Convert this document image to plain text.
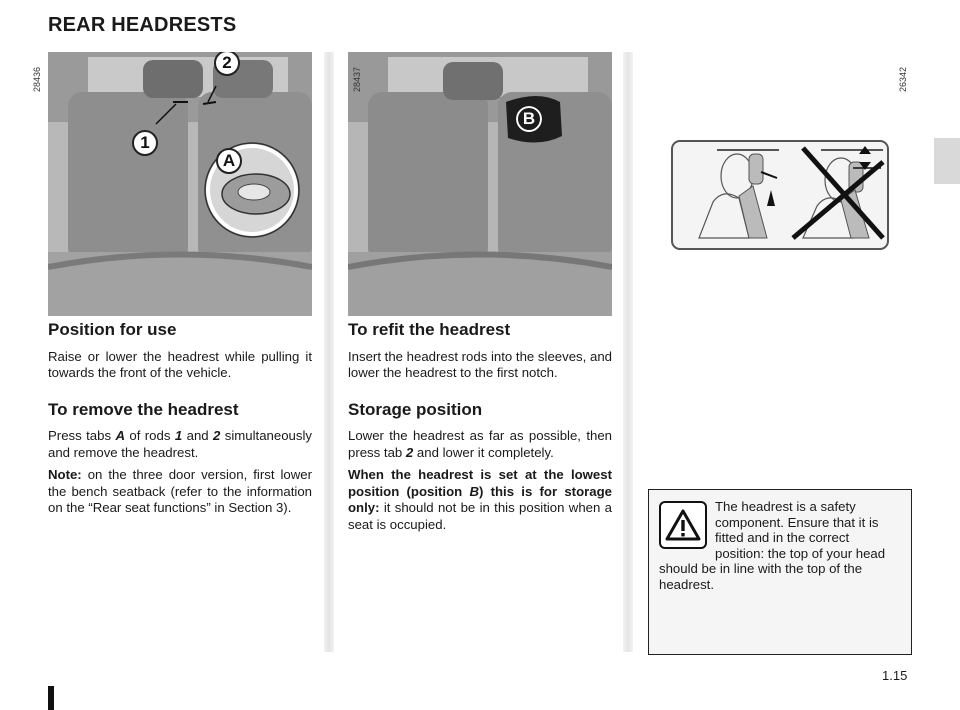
REAR HEADRESTS
2
1
A
28436
B
28437	26342
Position for use

Raise or lower the headrest while pulling it towards the front of the vehicle.

To remove the headrest

Press tabs A of rods 1 and 2 simultaneously and remove the headrest.

Note: on the three door version, first lower the bench seatback (refer to the information on the “Rear seat functions” in Section 3).

To refit the headrest

Insert the headrest rods into the sleeves, and lower the headrest to the first notch.

Storage position

Lower the headrest as far as possible, then press tab 2 and lower it completely.

When the headrest is set at the lowest position (position B) this is for storage only: it should not be in this position when a seat is occupied.

The headrest is a safety component. Ensure that it is fitted and in the correct position: the top of your head should be in line with the top of the headrest.
1.15
